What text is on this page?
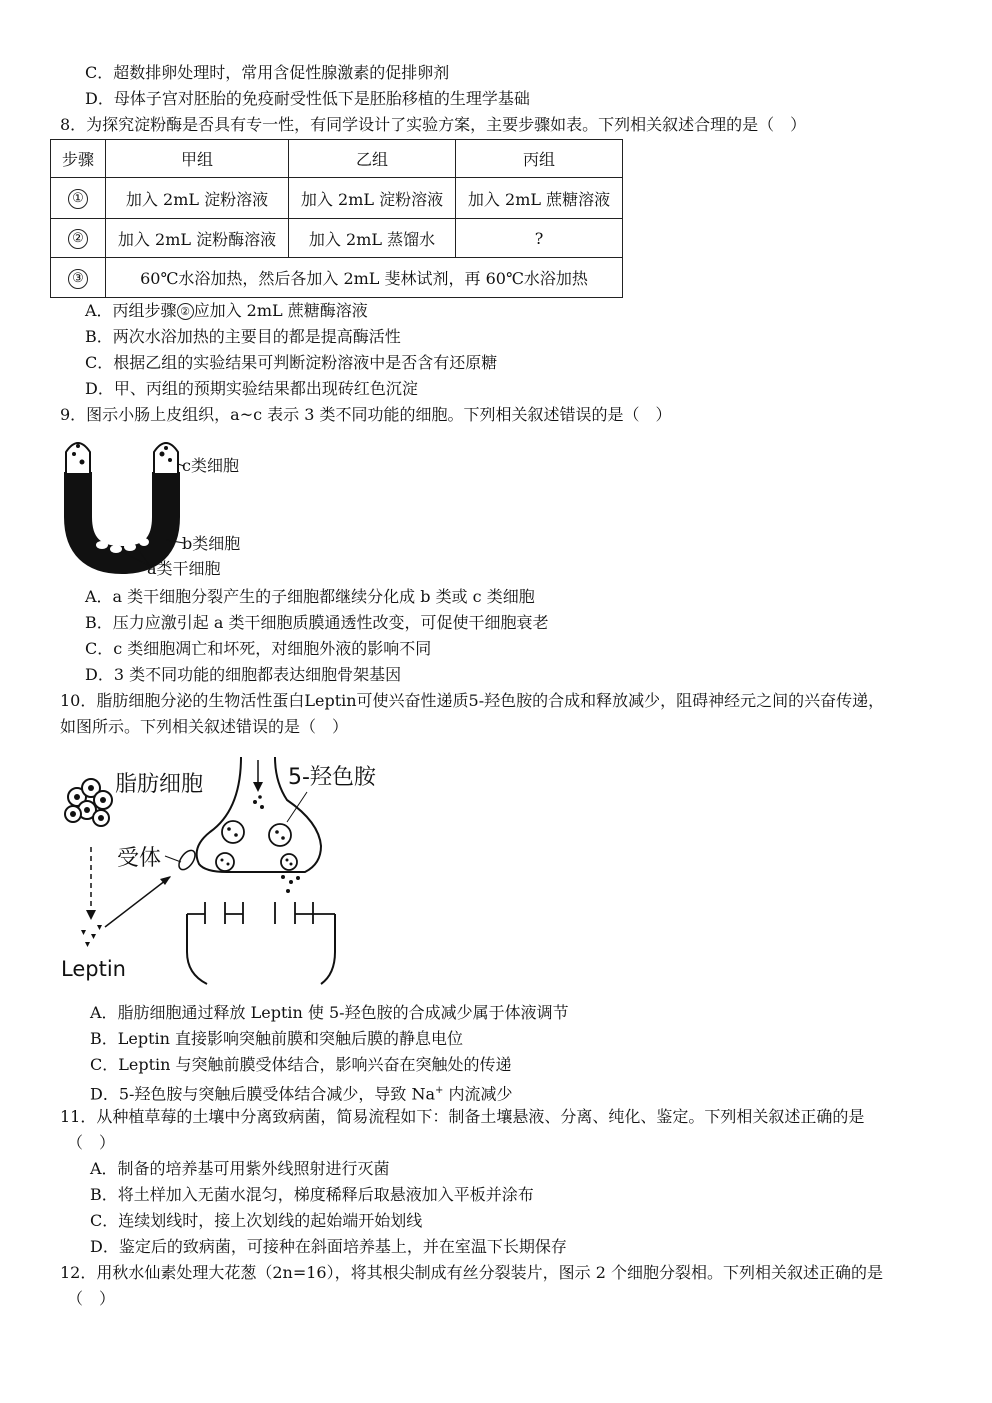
C．超数排卵处理时，常用含促性腺激素的促排卵剂
D．母体子宫对胚胎的免疫耐受性低下是胚胎移植的生理学基础
8．为探究淀粉酶是否具有专一性，有同学设计了实验方案，主要步骤如表。下列相关叙述合理的是（　）
步骤	甲组	乙组	丙组
①	加入 2mL 淀粉溶液	加入 2mL 淀粉溶液	加入 2mL 蔗糖溶液
②	加入 2mL 淀粉酶溶液	加入 2mL 蒸馏水	?
③	60℃水浴加热，然后各加入 2mL 斐林试剂，再 60℃水浴加热		
A．丙组步骤 ② 应加入 2mL 蔗糖酶溶液
B．两次水浴加热的主要目的都是提高酶活性
C．根据乙组的实验结果可判断淀粉溶液中是否含有还原糖
D．甲、丙组的预期实验结果都出现砖红色沉淀
9．图示小肠上皮组织，a~c 表示 3 类不同功能的细胞。下列相关叙述错误的是（　）
c类细胞
b类细胞
a类干细胞
A．a 类干细胞分裂产生的子细胞都继续分化成 b 类或 c 类细胞
B．压力应激引起 a 类干细胞质膜通透性改变，可促使干细胞衰老
C．c 类细胞凋亡和坏死，对细胞外液的影响不同
D．3 类不同功能的细胞都表达细胞骨架基因
10．脂肪细胞分泌的生物活性蛋白Leptin可使兴奋性递质5-羟色胺的合成和释放减少，阻碍神经元之间的兴奋传递，
如图所示。下列相关叙述错误的是（　）
脂肪细胞	5-羟色胺
受体
Leptin
A．脂肪细胞通过释放 Leptin 使 5-羟色胺的合成减少属于体液调节
B．Leptin 直接影响突触前膜和突触后膜的静息电位
C．Leptin 与突触前膜受体结合，影响兴奋在突触处的传递
D．5-羟色胺与突触后膜受体结合减少，导致 Na+ 内流减少
11．从种植草莓的土壤中分离致病菌，简易流程如下：制备土壤悬液、分离、纯化、鉴定。下列相关叙述正确的是
（　）
A．制备的培养基可用紫外线照射进行灭菌
B．将土样加入无菌水混匀，梯度稀释后取悬液加入平板并涂布
C．连续划线时，接上次划线的起始端开始划线
D．鉴定后的致病菌，可接种在斜面培养基上，并在室温下长期保存
12．用秋水仙素处理大花葱（2n=16），将其根尖制成有丝分裂装片，图示 2 个细胞分裂相。下列相关叙述正确的是
（　）
